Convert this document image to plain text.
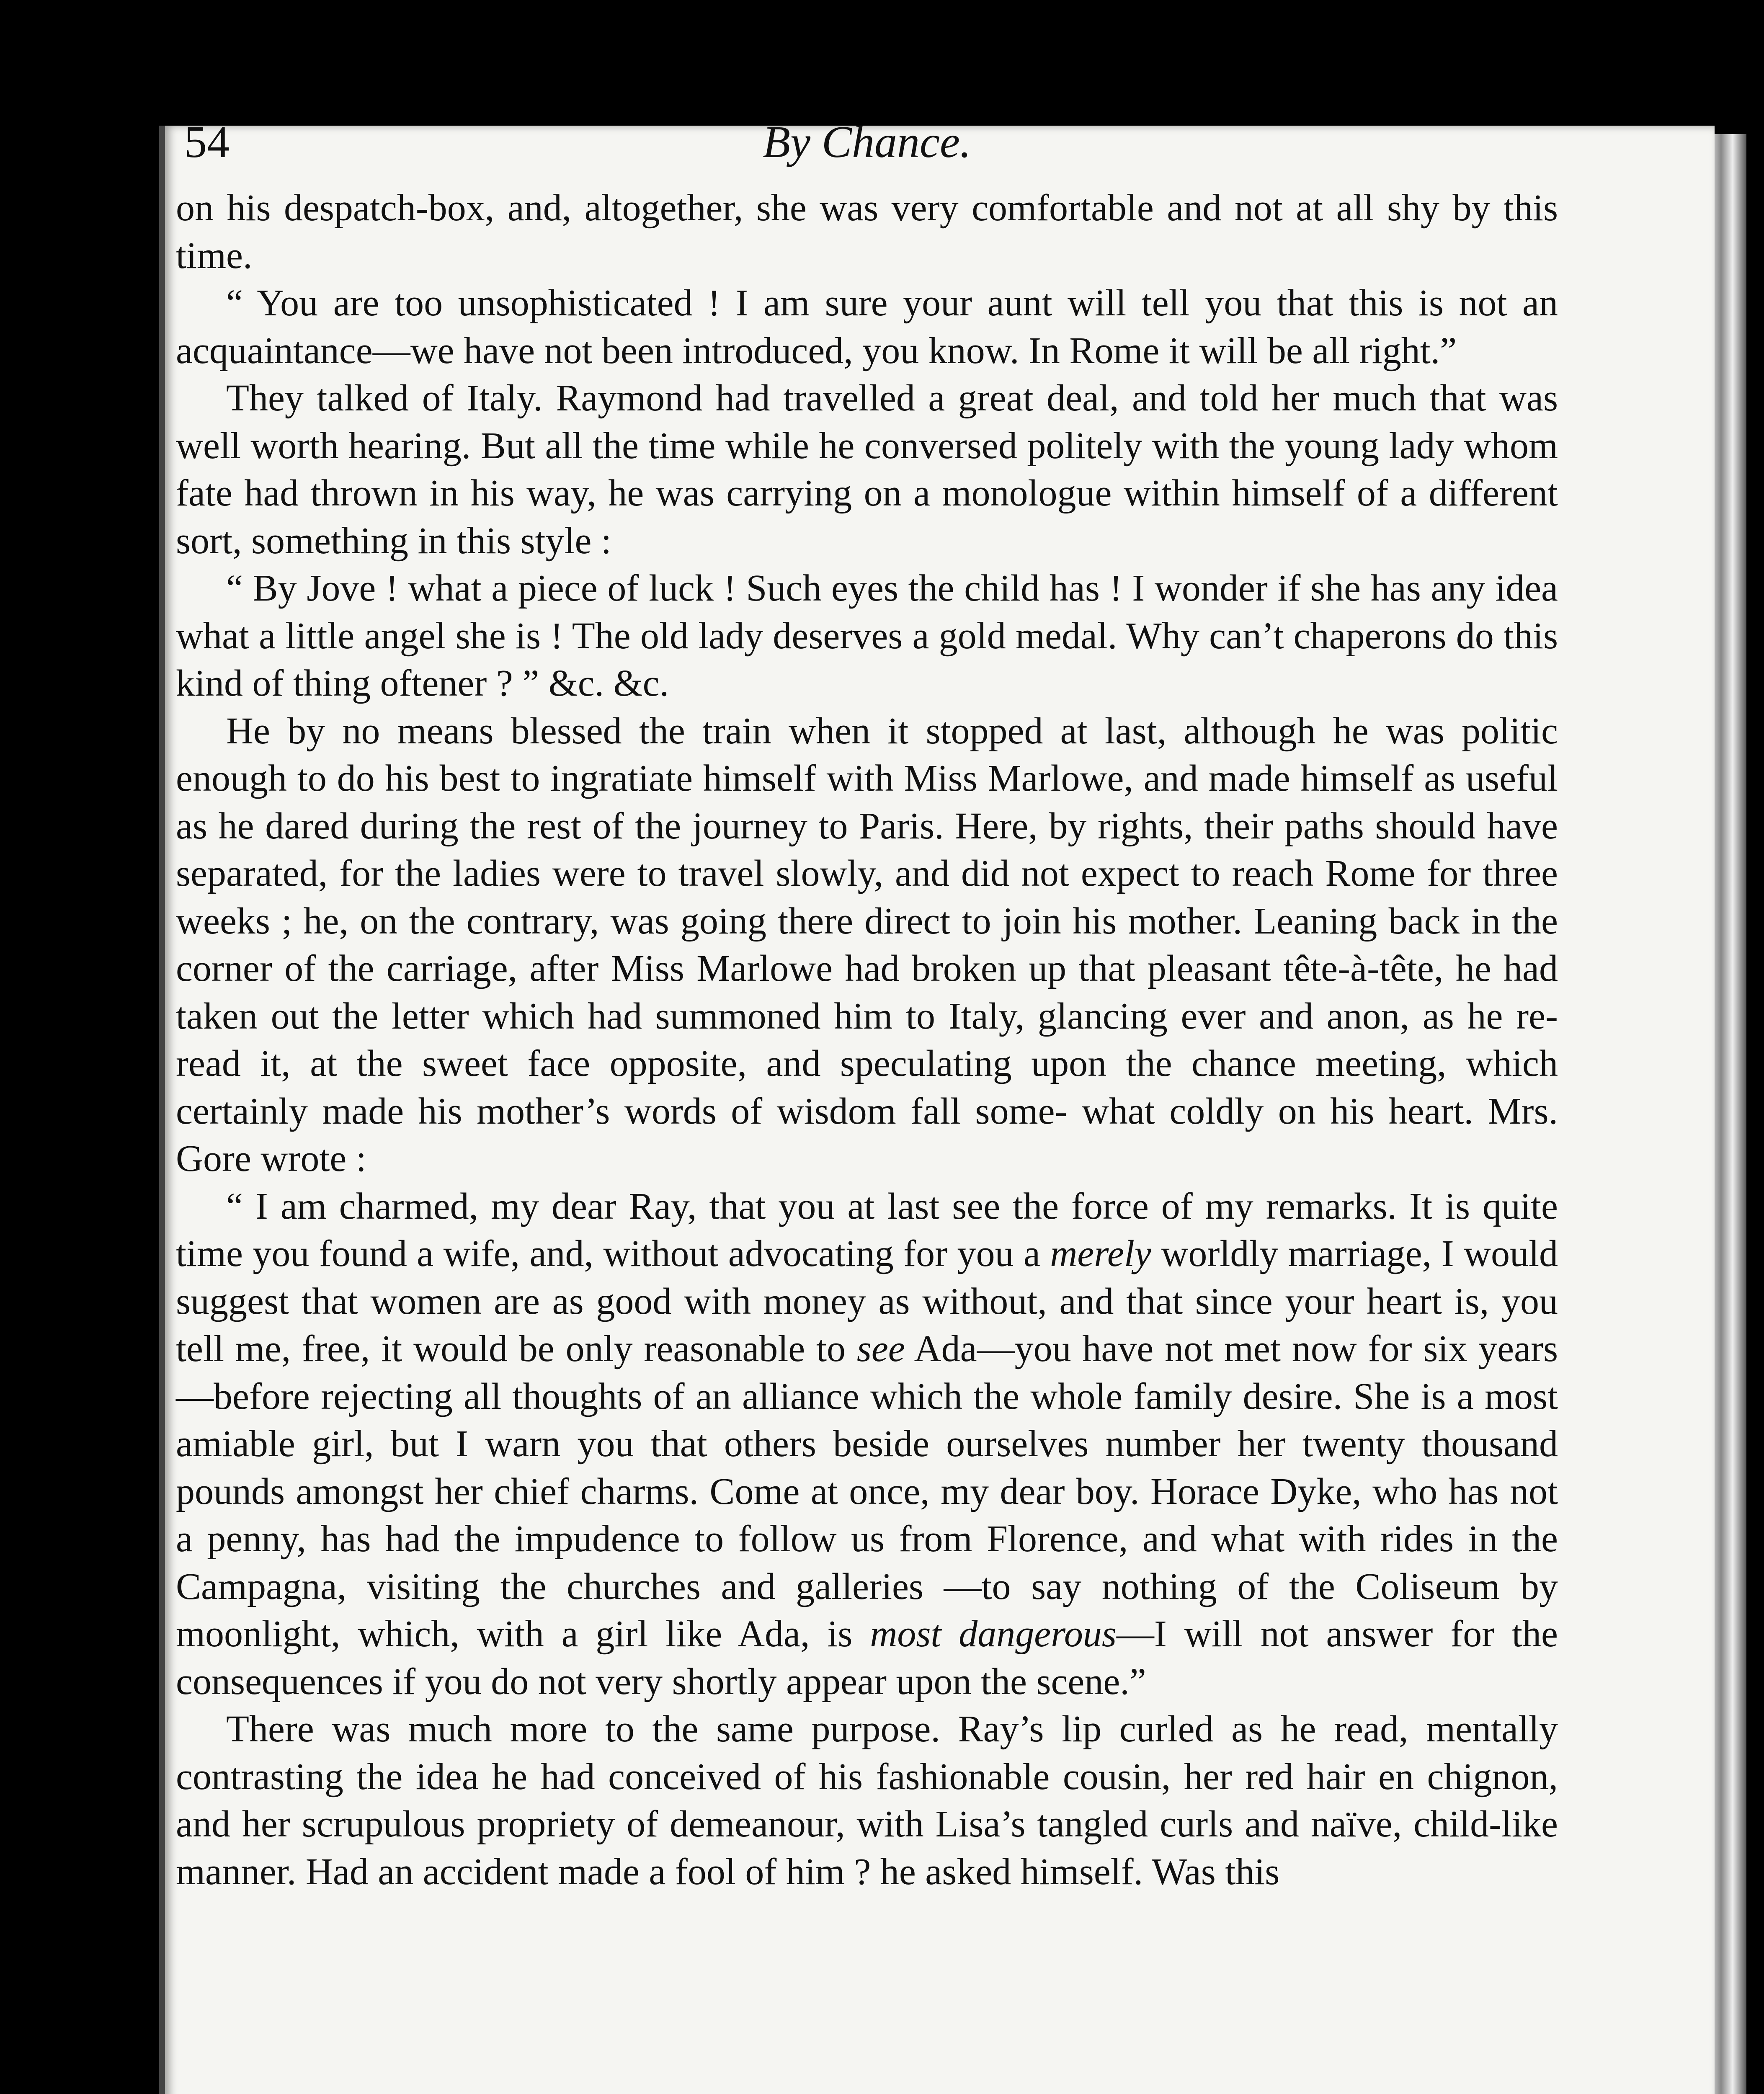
54	By Chance.

on his despatch-box, and, altogether, she was very comfortable and not at all shy by this time.

“ You are too unsophisticated ! I am sure your aunt will tell you that this is not an acquaintance—we have not been introduced, you know. In Rome it will be all right.”

They talked of Italy. Raymond had travelled a great deal, and told her much that was well worth hearing. But all the time while he conversed politely with the young lady whom fate had thrown in his way, he was carrying on a monologue within himself of a different sort, something in this style :

“ By Jove ! what a piece of luck ! Such eyes the child has ! I wonder if she has any idea what a little angel she is ! The old lady deserves a gold medal. Why can’t chaperons do this kind of thing oftener ? ” &c. &c.

He by no means blessed the train when it stopped at last, although he was politic enough to do his best to ingratiate himself with Miss Marlowe, and made himself as useful as he dared during the rest of the journey to Paris. Here, by rights, their paths should have separated, for the ladies were to travel slowly, and did not expect to reach Rome for three weeks ; he, on the contrary, was going there direct to join his mother. Leaning back in the corner of the carriage, after Miss Marlowe had broken up that pleasant tête-à-tête, he had taken out the letter which had summoned him to Italy, glancing ever and anon, as he re-read it, at the sweet face opposite, and speculating upon the chance meeting, which certainly made his mother’s words of wisdom fall some- what coldly on his heart. Mrs. Gore wrote :

“ I am charmed, my dear Ray, that you at last see the force of my remarks. It is quite time you found a wife, and, without advocating for you a merely worldly marriage, I would suggest that women are as good with money as without, and that since your heart is, you tell me, free, it would be only reasonable to see Ada—you have not met now for six years—before rejecting all thoughts of an alliance which the whole family desire. She is a most amiable girl, but I warn you that others beside ourselves number her twenty thousand pounds amongst her chief charms. Come at once, my dear boy. Horace Dyke, who has not a penny, has had the impudence to follow us from Florence, and what with rides in the Campagna, visiting the churches and galleries —to say nothing of the Coliseum by moonlight, which, with a girl like Ada, is most dangerous—I will not answer for the consequences if you do not very shortly appear upon the scene.”

There was much more to the same purpose. Ray’s lip curled as he read, mentally contrasting the idea he had conceived of his fashionable cousin, her red hair en chignon, and her scrupulous propriety of demeanour, with Lisa’s tangled curls and naïve, child-like manner. Had an accident made a fool of him ? he asked himself. Was this
